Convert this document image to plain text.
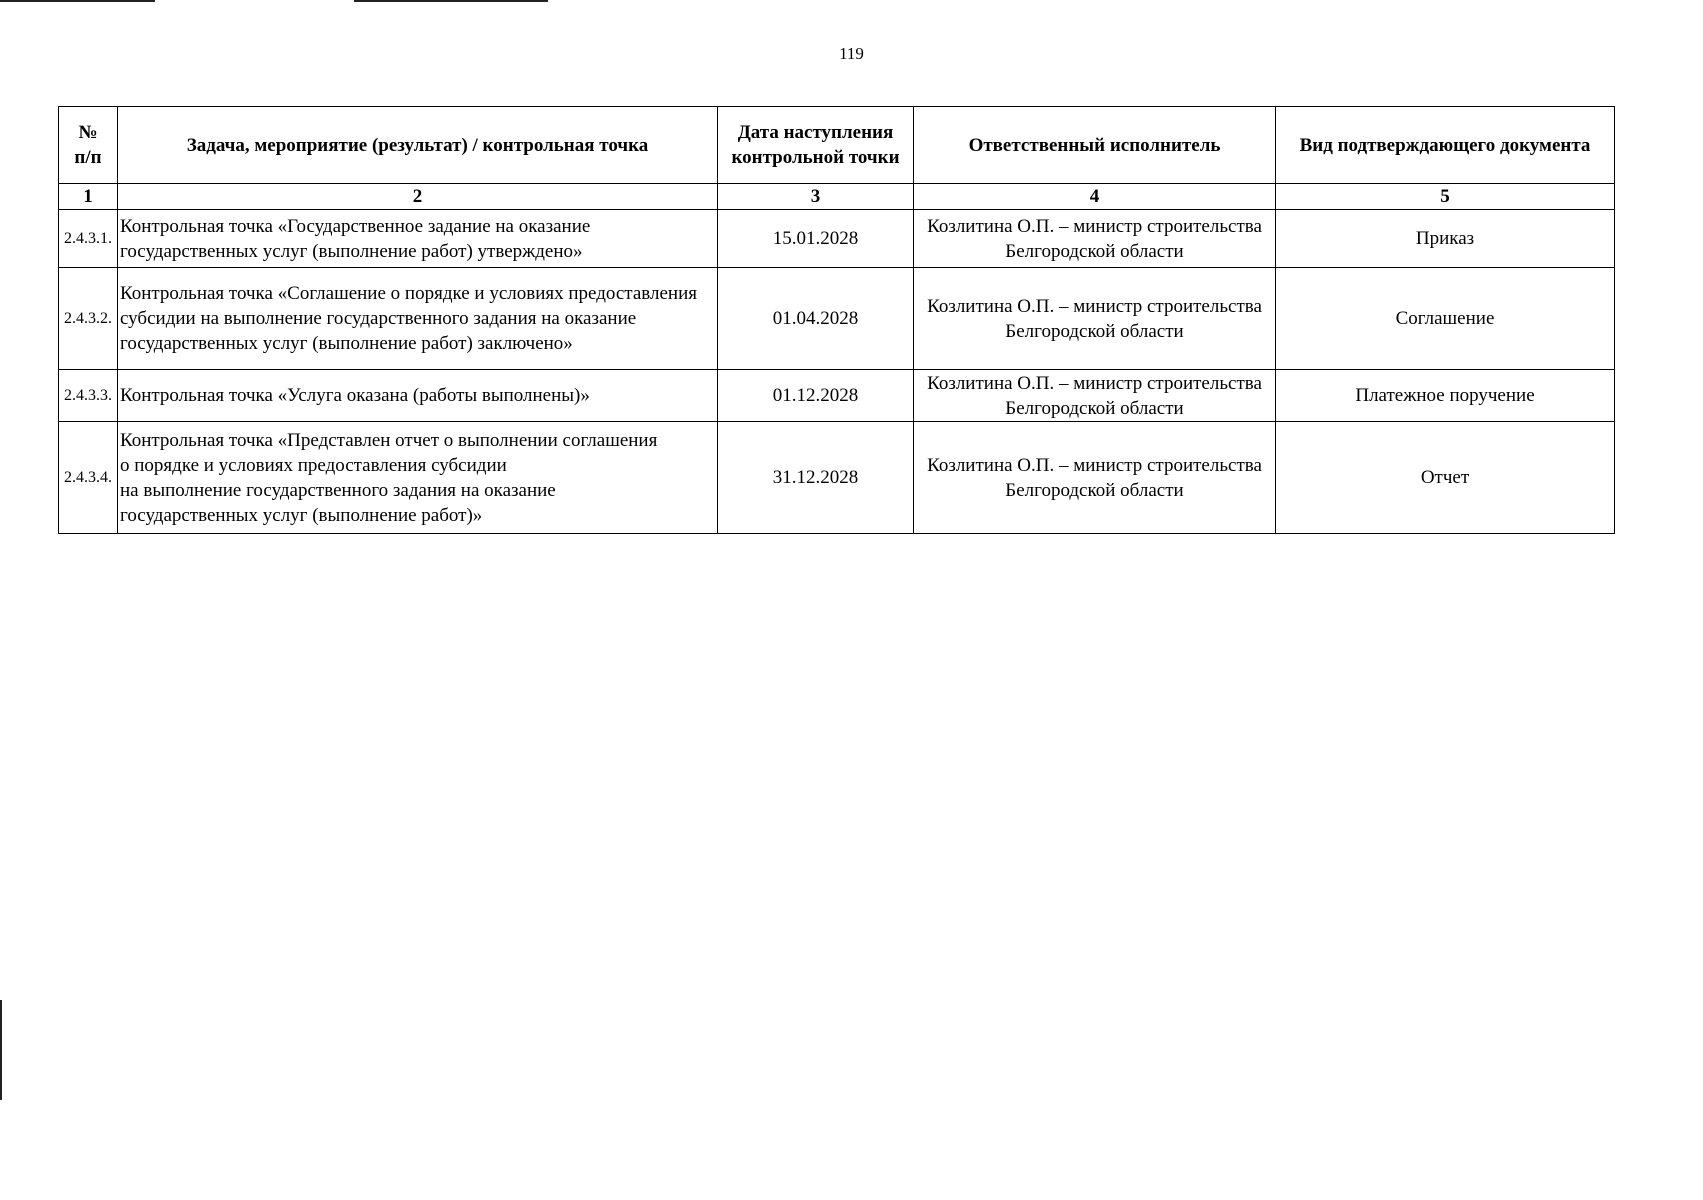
119
№ п/п	Задача, мероприятие (результат) / контрольная точка	Дата наступления контрольной точки	Ответственный исполнитель	Вид подтверждающего документа
1	2	3	4	5
2.4.3.1.	Контрольная точка «Государственное задание на оказание государственных услуг (выполнение работ) утверждено»	15.01.2028	Козлитина О.П. – министр строительства Белгородской области	Приказ
2.4.3.2.	Контрольная точка «Соглашение о порядке и условиях предоставления субсидии на выполнение государственного задания на оказание государственных услуг (выполнение работ) заключено»	01.04.2028	Козлитина О.П. – министр строительства Белгородской области	Соглашение
2.4.3.3.	Контрольная точка «Услуга оказана (работы выполнены)»	01.12.2028	Козлитина О.П. – министр строительства Белгородской области	Платежное поручение
2.4.3.4.	Контрольная точка «Представлен отчет о выполнении соглашения
о порядке и условиях предоставления субсидии
на выполнение государственного задания на оказание
государственных услуг (выполнение работ)»	31.12.2028	Козлитина О.П. – министр строительства Белгородской области	Отчет
